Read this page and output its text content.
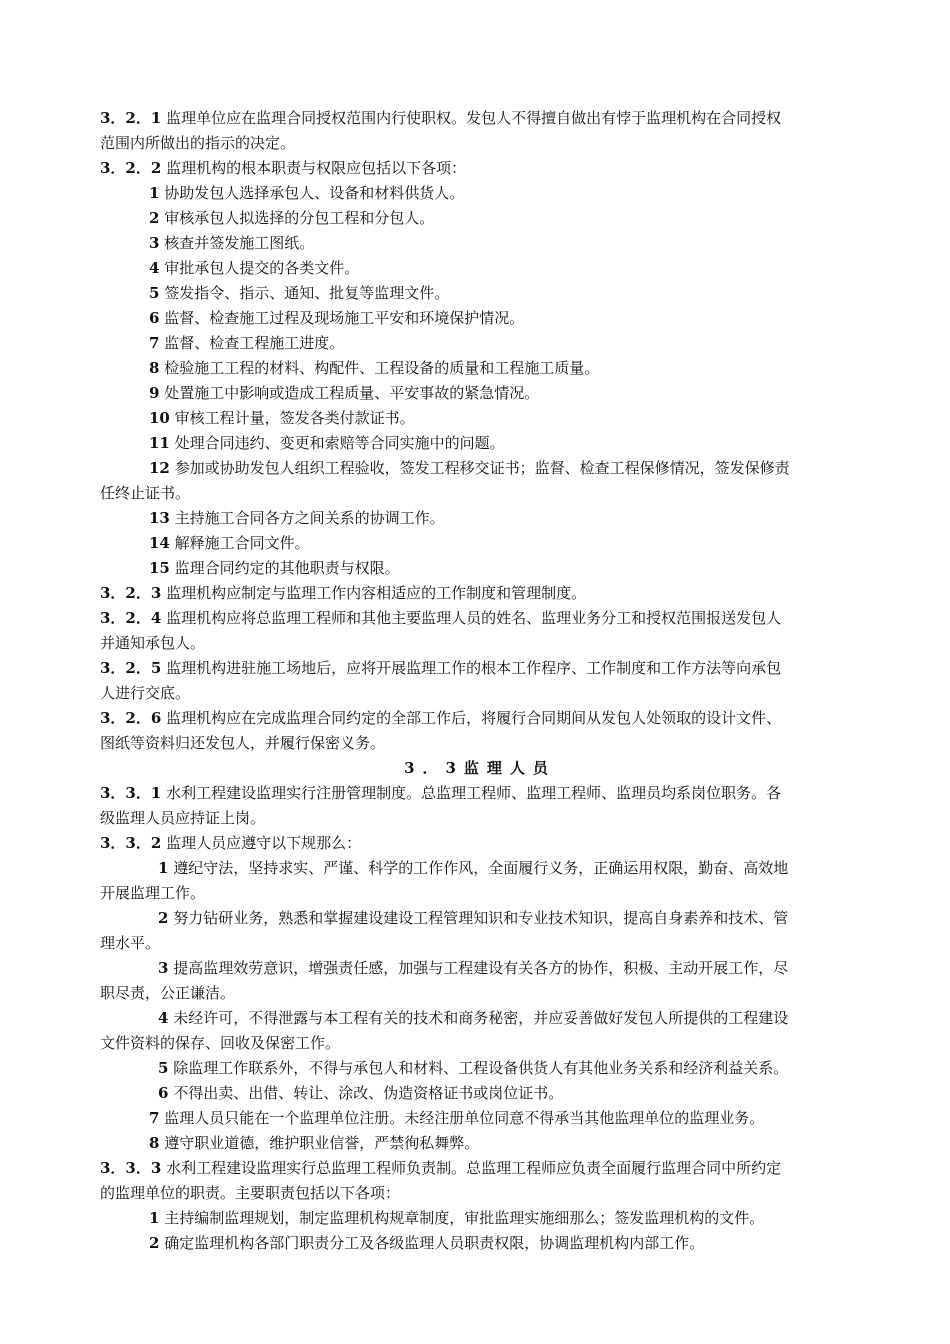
3．2．1 监理单位应在监理合同授权范围内行使职权。发包人不得擅自做出有悖于监理机构在合同授权
范围内所做出的指示的决定。
3．2．2 监理机构的根本职责与权限应包括以下各项：
1 协助发包人选择承包人、设备和材料供货人。
2 审核承包人拟选择的分包工程和分包人。
3 核查并签发施工图纸。
4 审批承包人提交的各类文件。
5 签发指令、指示、通知、批复等监理文件。
6 监督、检查施工过程及现场施工平安和环境保护情况。
7 监督、检查工程施工进度。
8 检验施工工程的材料、构配件、工程设备的质量和工程施工质量。
9 处置施工中影响或造成工程质量、平安事故的紧急情况。
10 审核工程计量，签发各类付款证书。
11 处理合同违约、变更和索赔等合同实施中的问题。
12 参加或协助发包人组织工程验收，签发工程移交证书；监督、检查工程保修情况，签发保修责
任终止证书。
13 主持施工合同各方之间关系的协调工作。
14 解释施工合同文件。
15 监理合同约定的其他职责与权限。
3．2．3 监理机构应制定与监理工作内容相适应的工作制度和管理制度。
3．2．4 监理机构应将总监理工程师和其他主要监理人员的姓名、监理业务分工和授权范围报送发包人
并通知承包人。
3．2．5 监理机构进驻施工场地后，应将开展监理工作的根本工作程序、工作制度和工作方法等向承包
人进行交底。
3．2．6 监理机构应在完成监理合同约定的全部工作后，将履行合同期间从发包人处领取的设计文件、
图纸等资料归还发包人，并履行保密义务。
3．3监理人员
3．3．1 水利工程建设监理实行注册管理制度。总监理工程师、监理工程师、监理员均系岗位职务。各
级监理人员应持证上岗。
3．3．2 监理人员应遵守以下规那么：
1 遵纪守法，坚持求实、严谨、科学的工作作风，全面履行义务，正确运用权限，勤奋、高效地
开展监理工作。
2 努力钻研业务，熟悉和掌握建设建设工程管理知识和专业技术知识，提高自身素养和技术、管
理水平。
3 提高监理效劳意识，增强责任感，加强与工程建设有关各方的协作，积极、主动开展工作，尽
职尽责，公正谦洁。
4 未经许可，不得泄露与本工程有关的技术和商务秘密，并应妥善做好发包人所提供的工程建设
文件资料的保存、回收及保密工作。
5 除监理工作联系外，不得与承包人和材料、工程设备供货人有其他业务关系和经济利益关系。
6 不得出卖、出借、转让、涂改、伪造资格证书或岗位证书。
7 监理人员只能在一个监理单位注册。未经注册单位同意不得承当其他监理单位的监理业务。
8 遵守职业道德，维护职业信誉，严禁徇私舞弊。
3．3．3 水利工程建设监理实行总监理工程师负责制。总监理工程师应负责全面履行监理合同中所约定
的监理单位的职责。主要职责包括以下各项：
1 主持编制监理规划，制定监理机构规章制度，审批监理实施细那么；签发监理机构的文件。
2 确定监理机构各部门职责分工及各级监理人员职责权限，协调监理机构内部工作。
